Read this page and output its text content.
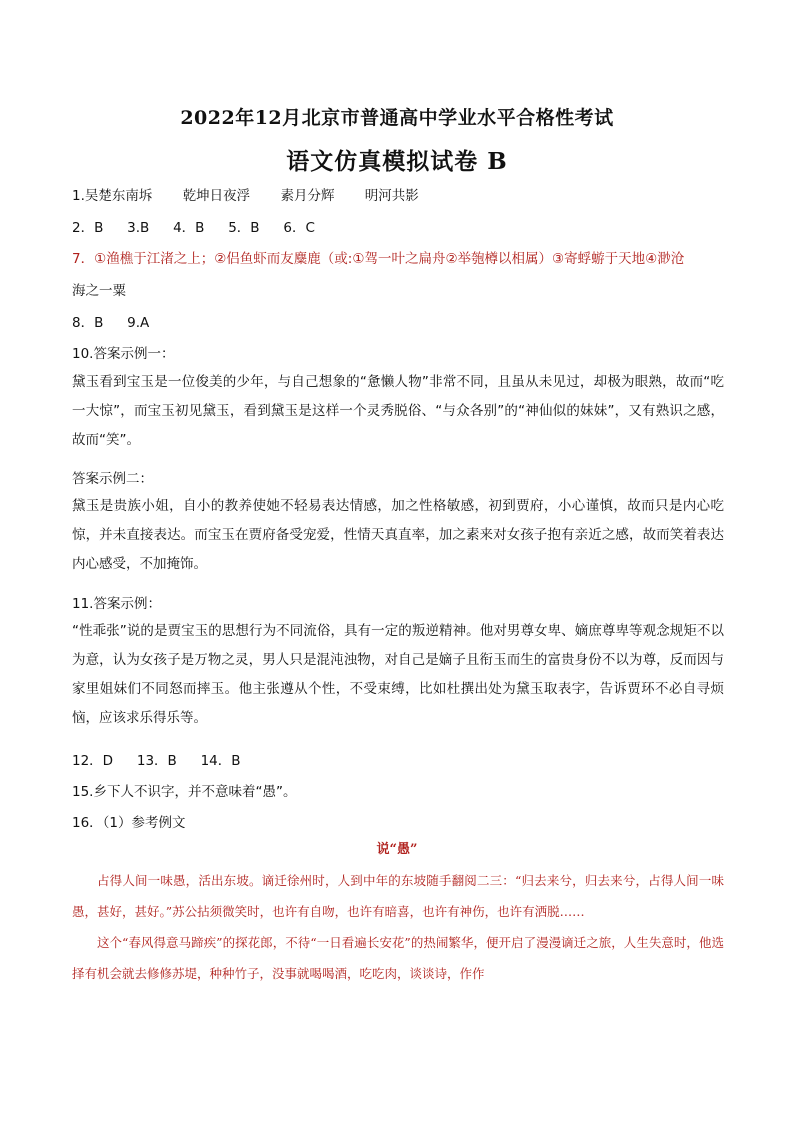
2022年12月北京市普通高中学业水平合格性考试
语文仿真模拟试卷 B
1.吴楚东南坼 乾坤日夜浮 素月分辉 明河共影
2．B　 3.B　 4．B　 5．B　 6．C
7．①渔樵于江渚之上；②侣鱼虾而友麋鹿（或:①驾一叶之扁舟②举匏樽以相属）③寄蜉蝣于天地④渺沧
海之一粟
8．B　 9.A
10.答案示例一：
黛玉看到宝玉是一位俊美的少年，与自己想象的“惫懒人物”非常不同，且虽从未见过，却极为眼熟，故而“吃一大惊”，而宝玉初见黛玉，看到黛玉是这样一个灵秀脱俗、“与众各别”的“神仙似的妹妹”，又有熟识之感，故而“笑”。
答案示例二：
黛玉是贵族小姐，自小的教养使她不轻易表达情感，加之性格敏感，初到贾府，小心谨慎，故而只是内心吃惊，并未直接表达。而宝玉在贾府备受宠爱，性情天真直率，加之素来对女孩子抱有亲近之感，故而笑着表达内心感受，不加掩饰。
11.答案示例：
“性乖张”说的是贾宝玉的思想行为不同流俗，具有一定的叛逆精神。他对男尊女卑、嫡庶尊卑等观念规矩不以为意，认为女孩子是万物之灵，男人只是混沌浊物，对自己是嫡子且衔玉而生的富贵身份不以为尊，反而因与家里姐妹们不同怒而摔玉。他主张遵从个性，不受束缚，比如杜撰出处为黛玉取表字，告诉贾环不必自寻烦恼，应该求乐得乐等。
12．D　 13．B　 14．B
15.乡下人不识字，并不意味着“愚”。
16．（1）参考例文
说“愚”

占得人间一味愚，活出东坡。谪迁徐州时，人到中年的东坡随手翻阅二三：“归去来兮，归去来兮，占得人间一味愚，甚好，甚好。”苏公拈须微笑时，也许有自吻，也许有暗喜，也许有神伤，也许有洒脱……

这个“春风得意马蹄疾”的探花郎，不待“一日看遍长安花”的热闹繁华，便开启了漫漫谪迁之旅，人生失意时，他选择有机会就去修修苏堤，种种竹子，没事就喝喝酒，吃吃肉，谈谈诗，作作
